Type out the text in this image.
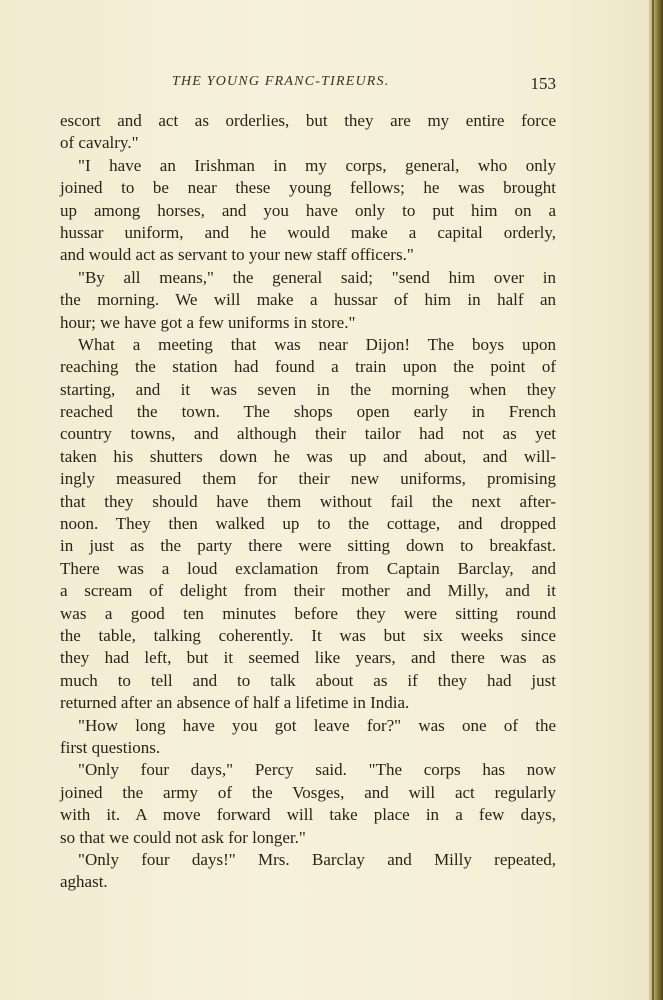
THE YOUNG FRANC-TIREURS.	153
escort and act as orderlies, but they are my entire force
of cavalry."
"I have an Irishman in my corps, general, who only
joined to be near these young fellows; he was brought
up among horses, and you have only to put him on a
hussar uniform, and he would make a capital orderly,
and would act as servant to your new staff officers."
"By all means," the general said; "send him over in
the morning. We will make a hussar of him in half an
hour; we have got a few uniforms in store."
What a meeting that was near Dijon! The boys upon
reaching the station had found a train upon the point of
starting, and it was seven in the morning when they
reached the town. The shops open early in French
country towns, and although their tailor had not as yet
taken his shutters down he was up and about, and will-
ingly measured them for their new uniforms, promising
that they should have them without fail the next after-
noon. They then walked up to the cottage, and dropped
in just as the party there were sitting down to breakfast.
There was a loud exclamation from Captain Barclay, and
a scream of delight from their mother and Milly, and it
was a good ten minutes before they were sitting round
the table, talking coherently. It was but six weeks since
they had left, but it seemed like years, and there was as
much to tell and to talk about as if they had just
returned after an absence of half a lifetime in India.
"How long have you got leave for?" was one of the
first questions.
"Only four days," Percy said. "The corps has now
joined the army of the Vosges, and will act regularly
with it. A move forward will take place in a few days,
so that we could not ask for longer."
"Only four days!" Mrs. Barclay and Milly repeated,
aghast.
